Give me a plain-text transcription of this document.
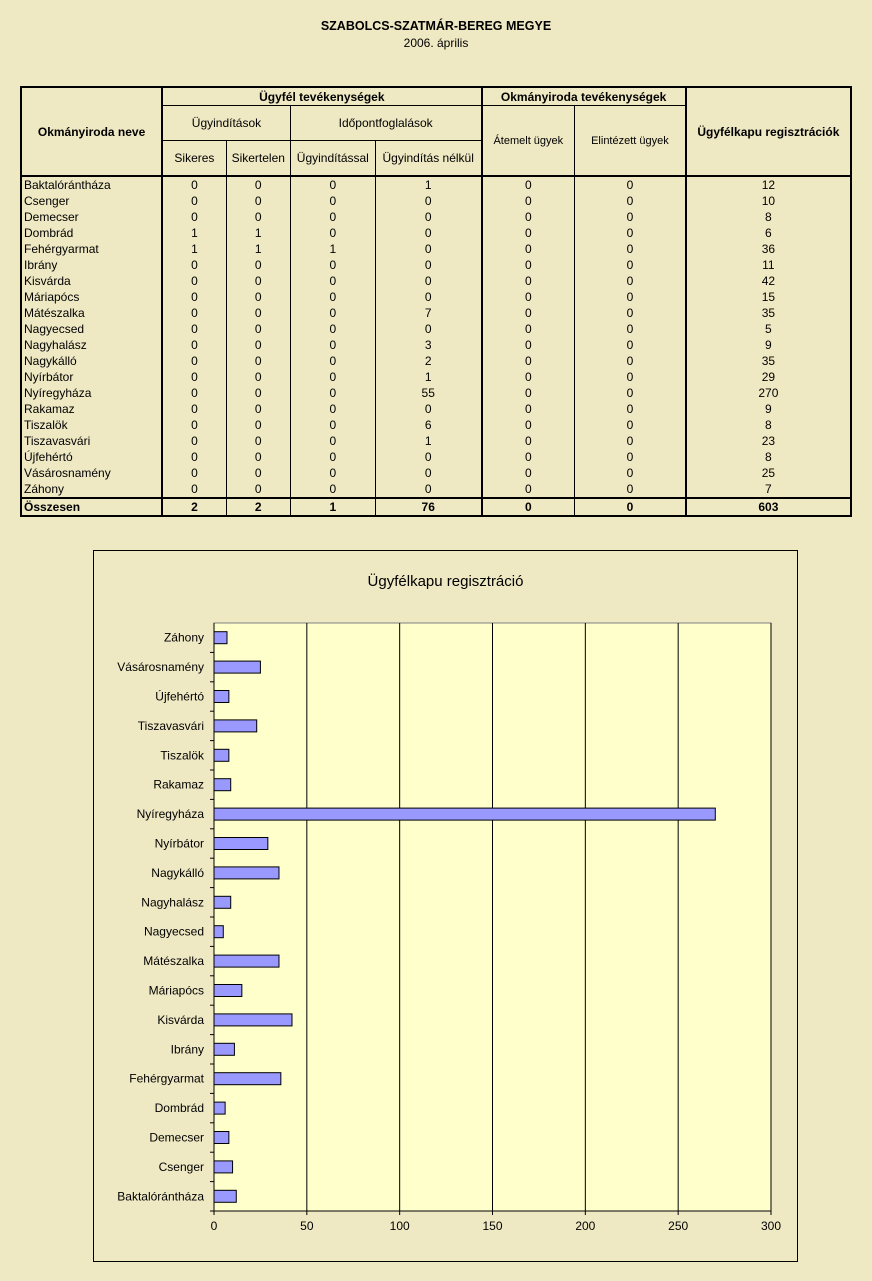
SZABOLCS-SZATMÁR-BEREG MEGYE
2006. április
Okmányiroda neve	Ügyfél tevékenységek				Okmányiroda tevékenységek		Ügyfélkapu regisztrációk
	Ügyindítások		Időpontfoglalások		Átemelt ügyek	Elintézett ügyek	
	Sikeres	Sikertelen	Ügyindítással	Ügyindítás nélkül			
Baktalórántháza	0	0	0	1	0	0	12
Csenger	0	0	0	0	0	0	10
Demecser	0	0	0	0	0	0	8
Dombrád	1	1	0	0	0	0	6
Fehérgyarmat	1	1	1	0	0	0	36
Ibrány	0	0	0	0	0	0	11
Kisvárda	0	0	0	0	0	0	42
Máriapócs	0	0	0	0	0	0	15
Mátészalka	0	0	0	7	0	0	35
Nagyecsed	0	0	0	0	0	0	5
Nagyhalász	0	0	0	3	0	0	9
Nagykálló	0	0	0	2	0	0	35
Nyírbátor	0	0	0	1	0	0	29
Nyíregyháza	0	0	0	55	0	0	270
Rakamaz	0	0	0	0	0	0	9
Tiszalök	0	0	0	6	0	0	8
Tiszavasvári	0	0	0	1	0	0	23
Újfehértó	0	0	0	0	0	0	8
Vásárosnamény	0	0	0	0	0	0	25
Záhony	0	0	0	0	0	0	7
Összesen	2	2	1	76	0	0	603
Ügyfélkapu regisztráció
0	50	100	150	200	250	300
Baktalórántháza
Csenger
Demecser
Dombrád
Fehérgyarmat
Ibrány
Kisvárda
Máriapócs
Mátészalka
Nagyecsed
Nagyhalász
Nagykálló
Nyírbátor
Nyíregyháza
Rakamaz
Tiszalök
Tiszavasvári
Újfehértó
Vásárosnamény
Záhony
